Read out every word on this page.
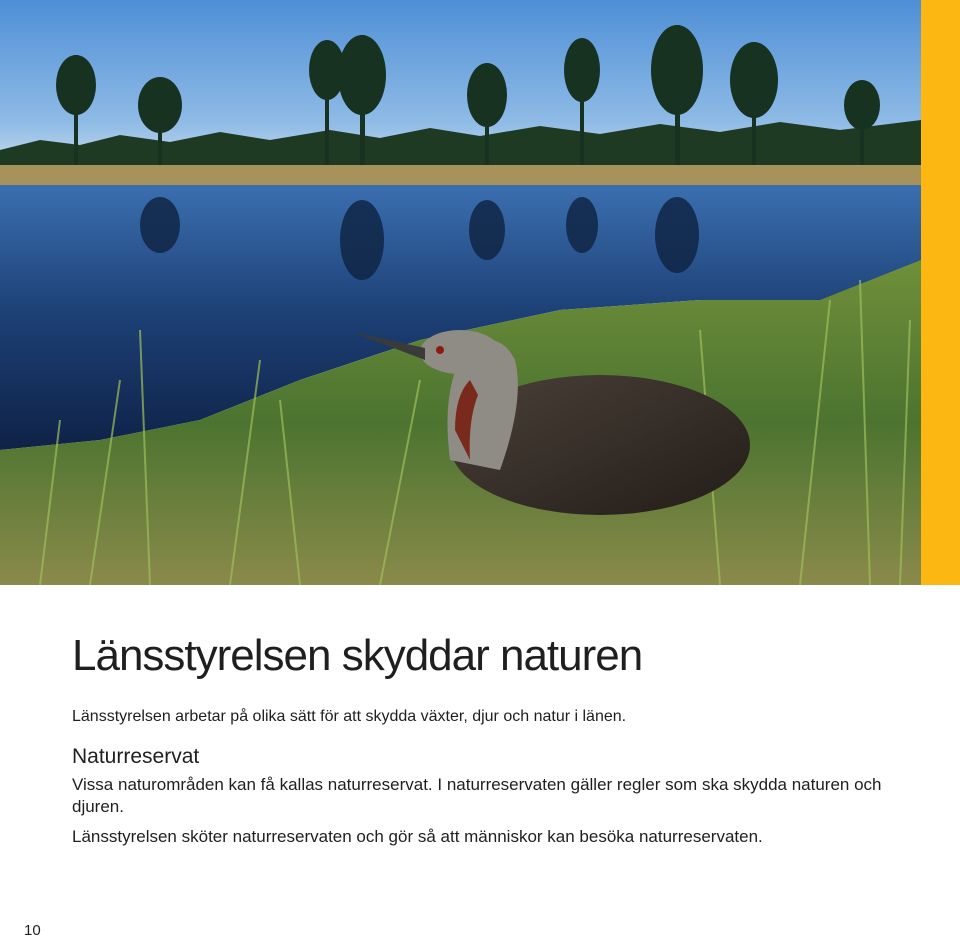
Länsstyrelsen skyddar naturen

Länsstyrelsen arbetar på olika sätt för att skydda växter, djur och natur i länen.

Naturreservat

Vissa naturområden kan få kallas naturreservat. I naturreservaten gäller regler som ska skydda naturen och djuren.

Länsstyrelsen sköter naturreservaten och gör så att människor kan besöka naturreservaten.

10
